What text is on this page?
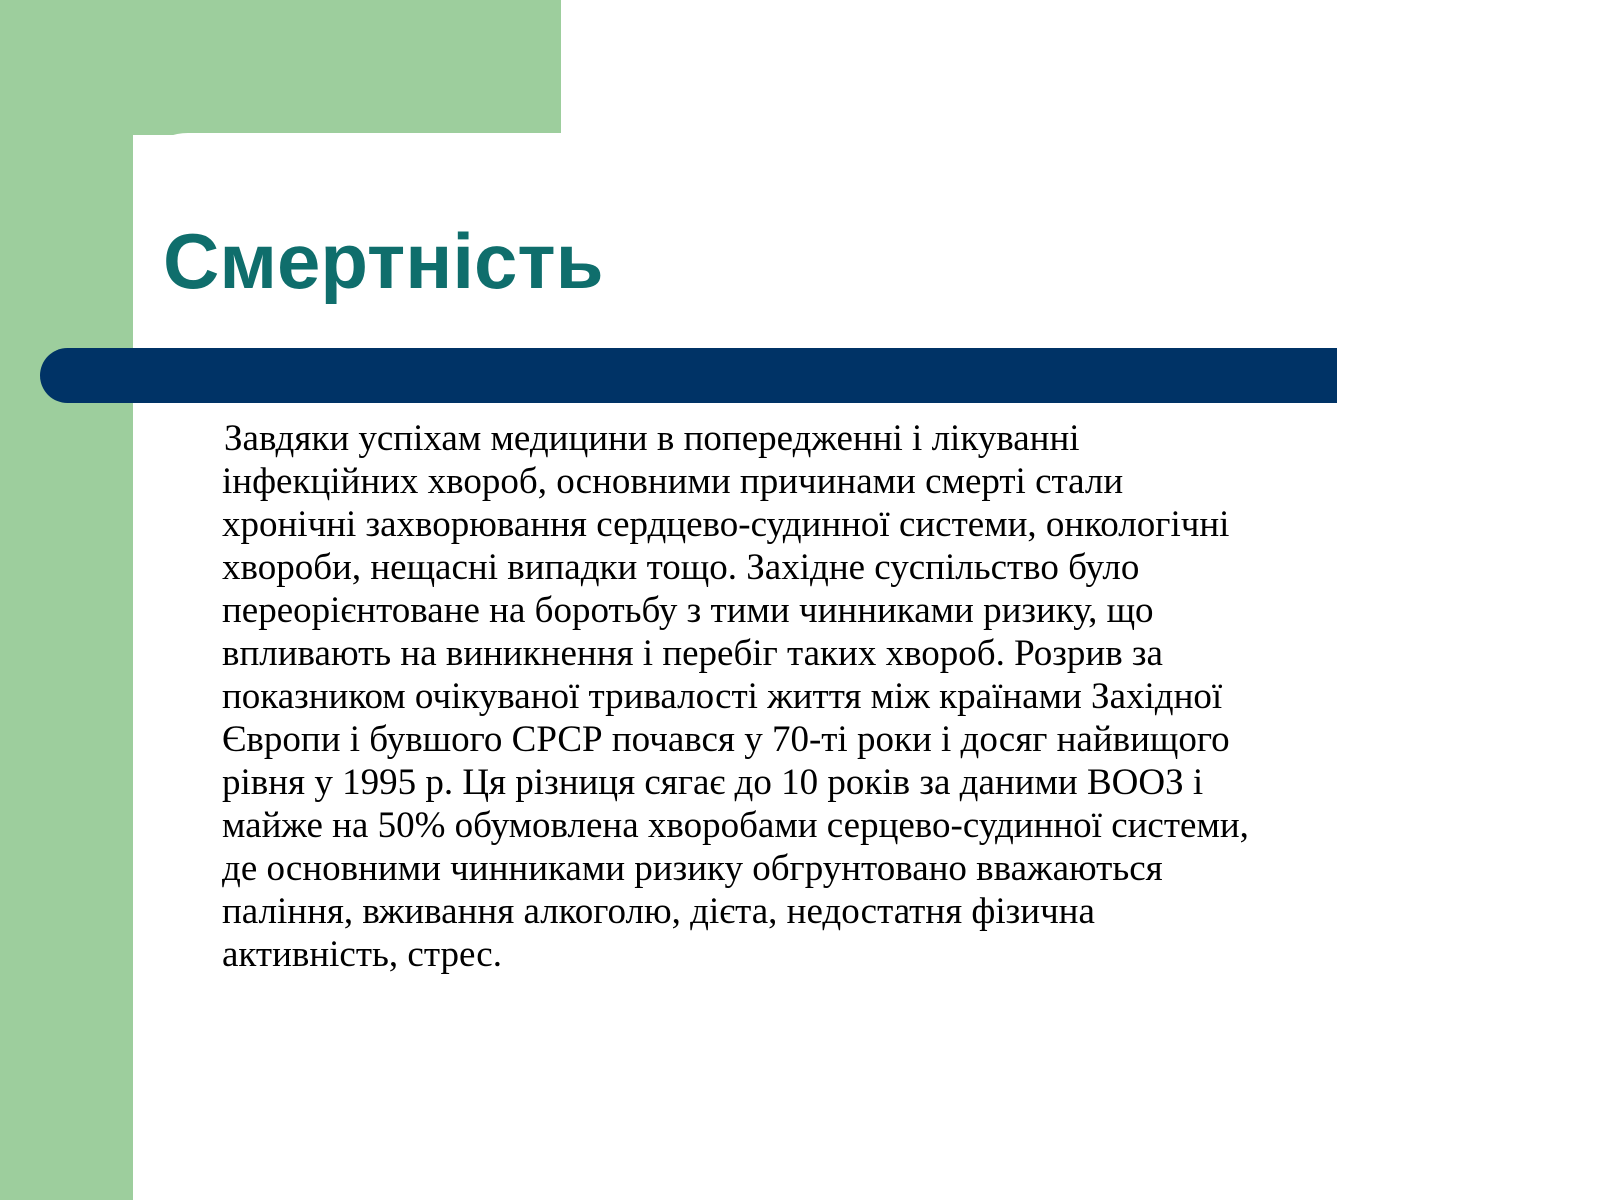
Смертність

Завдяки успіхам медицини в попередженні і лікуванні
інфекційних хвороб, основними причинами смерті стали
хронічні захворювання сердцево-судинної системи, онкологічні
хвороби, нещасні випадки тощо. Західне суспільство було
переорієнтоване на боротьбу з тими чинниками ризику, що
впливають на виникнення і перебіг таких хвороб. Розрив за
показником очікуваної тривалості життя між країнами Західної
Європи і бувшого СРСР почався у 70-ті роки і досяг найвищого
рівня у 1995 р. Ця різниця сягає до 10 років за даними ВООЗ і
майже на 50% обумовлена хворобами серцево-судинної системи,
де основними чинниками ризику обгрунтовано вважаються
паління, вживання алкоголю, дієта, недостатня фізична
активність, стрес.
